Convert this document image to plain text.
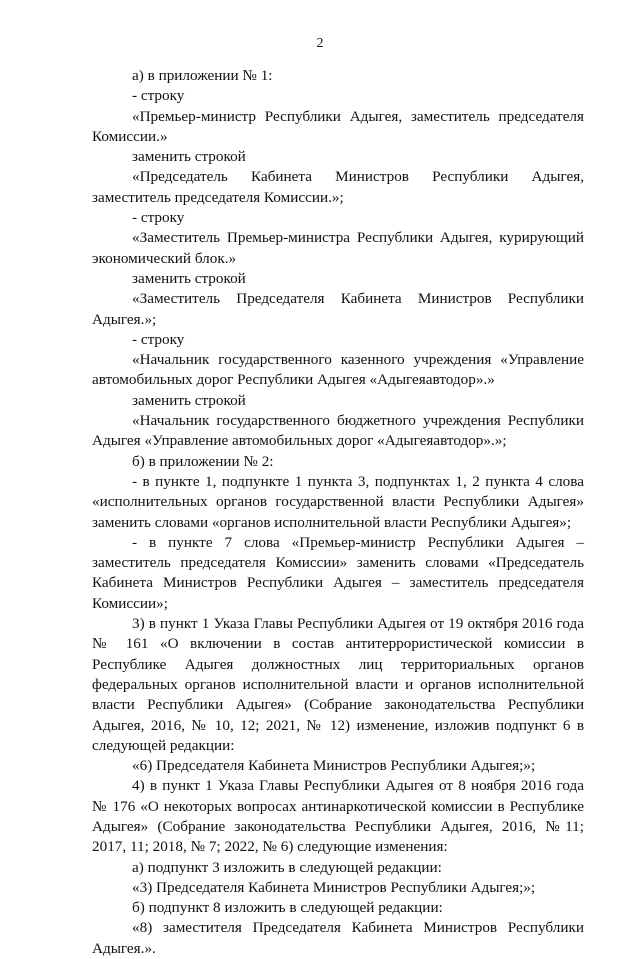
2

а) в приложении № 1:

- строку

«Премьер-министр Республики Адыгея, заместитель председателя Комиссии.»

заменить строкой

«Председатель Кабинета Министров Республики Адыгея, заместитель председателя Комиссии.»;

- строку

«Заместитель Премьер-министра Республики Адыгея, курирующий экономический блок.»

заменить строкой

«Заместитель Председателя Кабинета Министров Республики Адыгея.»;

- строку

«Начальник государственного казенного учреждения «Управление автомобильных дорог Республики Адыгея «Адыгеяавтодор».»

заменить строкой

«Начальник государственного бюджетного учреждения Республики Адыгея «Управление автомобильных дорог «Адыгеяавтодор».»;

б) в приложении № 2:

- в пункте 1, подпункте 1 пункта 3, подпунктах 1, 2 пункта 4 слова «исполнительных органов государственной власти Республики Адыгея» заменить словами «органов исполнительной власти Республики Адыгея»;

- в пункте 7 слова «Премьер-министр Республики Адыгея – заместитель председателя Комиссии» заменить словами «Председатель Кабинета Министров Республики Адыгея – заместитель председателя Комиссии»;

3) в пункт 1 Указа Главы Республики Адыгея от 19 октября 2016 года № 161 «О включении в состав антитеррористической комиссии в Республике Адыгея должностных лиц территориальных органов федеральных органов исполнительной власти и органов исполнительной власти Республики Адыгея» (Собрание законодательства Республики Адыгея, 2016, № 10, 12; 2021, № 12) изменение, изложив подпункт 6 в следующей редакции:

«6) Председателя Кабинета Министров Республики Адыгея;»;

4) в пункт 1 Указа Главы Республики Адыгея от 8 ноября 2016 года № 176 «О некоторых вопросах антинаркотической комиссии в Республике Адыгея» (Собрание законодательства Республики Адыгея, 2016, №11; 2017, 11; 2018, № 7; 2022, № 6) следующие изменения:

а) подпункт 3 изложить в следующей редакции:

«3) Председателя Кабинета Министров Республики Адыгея;»;

б) подпункт 8 изложить в следующей редакции:

«8) заместителя Председателя Кабинета Министров Республики Адыгея.».
